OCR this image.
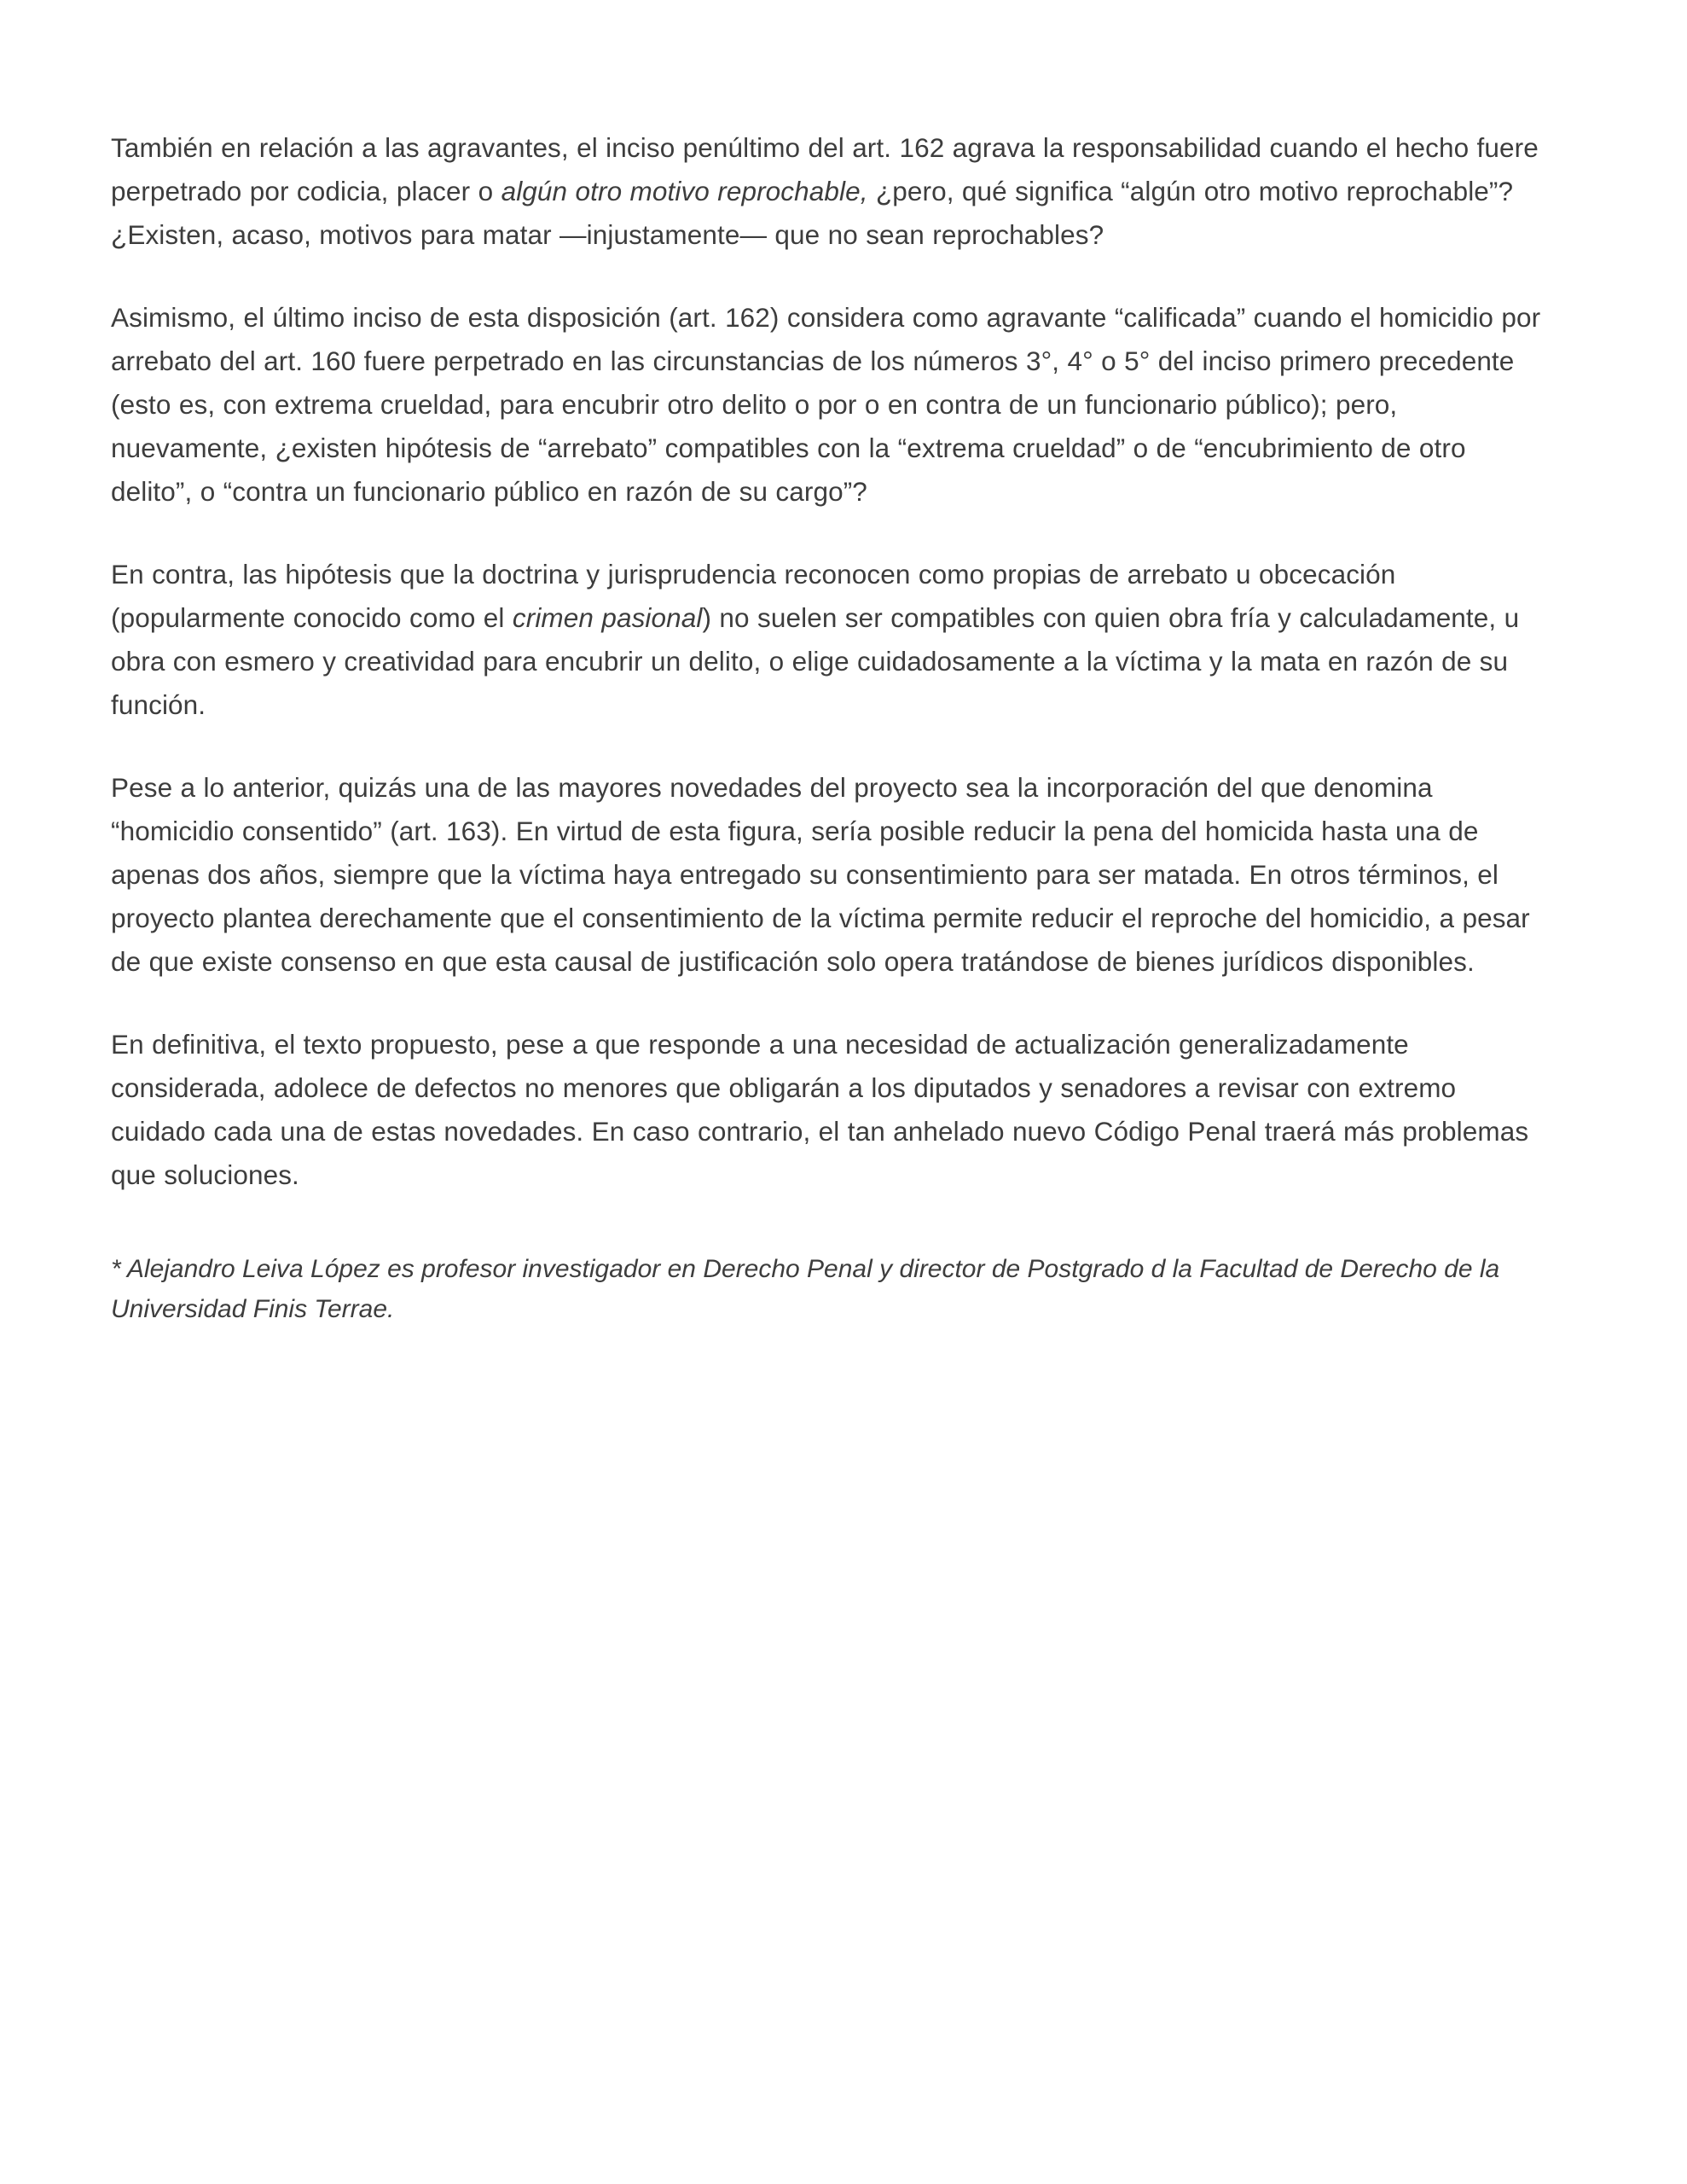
También en relación a las agravantes, el inciso penúltimo del art. 162 agrava la responsabilidad cuando el hecho fuere perpetrado por codicia, placer o algún otro motivo reprochable, ¿pero, qué significa “algún otro motivo reprochable”? ¿Existen, acaso, motivos para matar —injustamente— que no sean reprochables?

Asimismo, el último inciso de esta disposición (art. 162) considera como agravante “calificada” cuando el homicidio por arrebato del art. 160 fuere perpetrado en las circunstancias de los números 3°, 4° o 5° del inciso primero precedente (esto es, con extrema crueldad, para encubrir otro delito o por o en contra de un funcionario público); pero, nuevamente, ¿existen hipótesis de “arrebato” compatibles con la “extrema crueldad” o de “encubrimiento de otro delito”, o “contra un funcionario público en razón de su cargo”?

En contra, las hipótesis que la doctrina y jurisprudencia reconocen como propias de arrebato u obcecación (popularmente conocido como el crimen pasional) no suelen ser compatibles con quien obra fría y calculadamente, u obra con esmero y creatividad para encubrir un delito, o elige cuidadosamente a la víctima y la mata en razón de su función.

Pese a lo anterior, quizás una de las mayores novedades del proyecto sea la incorporación del que denomina “homicidio consentido” (art. 163). En virtud de esta figura, sería posible reducir la pena del homicida hasta una de apenas dos años, siempre que la víctima haya entregado su consentimiento para ser matada. En otros términos, el proyecto plantea derechamente que el consentimiento de la víctima permite reducir el reproche del homicidio, a pesar de que existe consenso en que esta causal de justificación solo opera tratándose de bienes jurídicos disponibles.

En definitiva, el texto propuesto, pese a que responde a una necesidad de actualización generalizadamente considerada, adolece de defectos no menores que obligarán a los diputados y senadores a revisar con extremo cuidado cada una de estas novedades. En caso contrario, el tan anhelado nuevo Código Penal traerá más problemas que soluciones.

* Alejandro Leiva López es profesor investigador en Derecho Penal y director de Postgrado d la Facultad de Derecho de la Universidad Finis Terrae.
